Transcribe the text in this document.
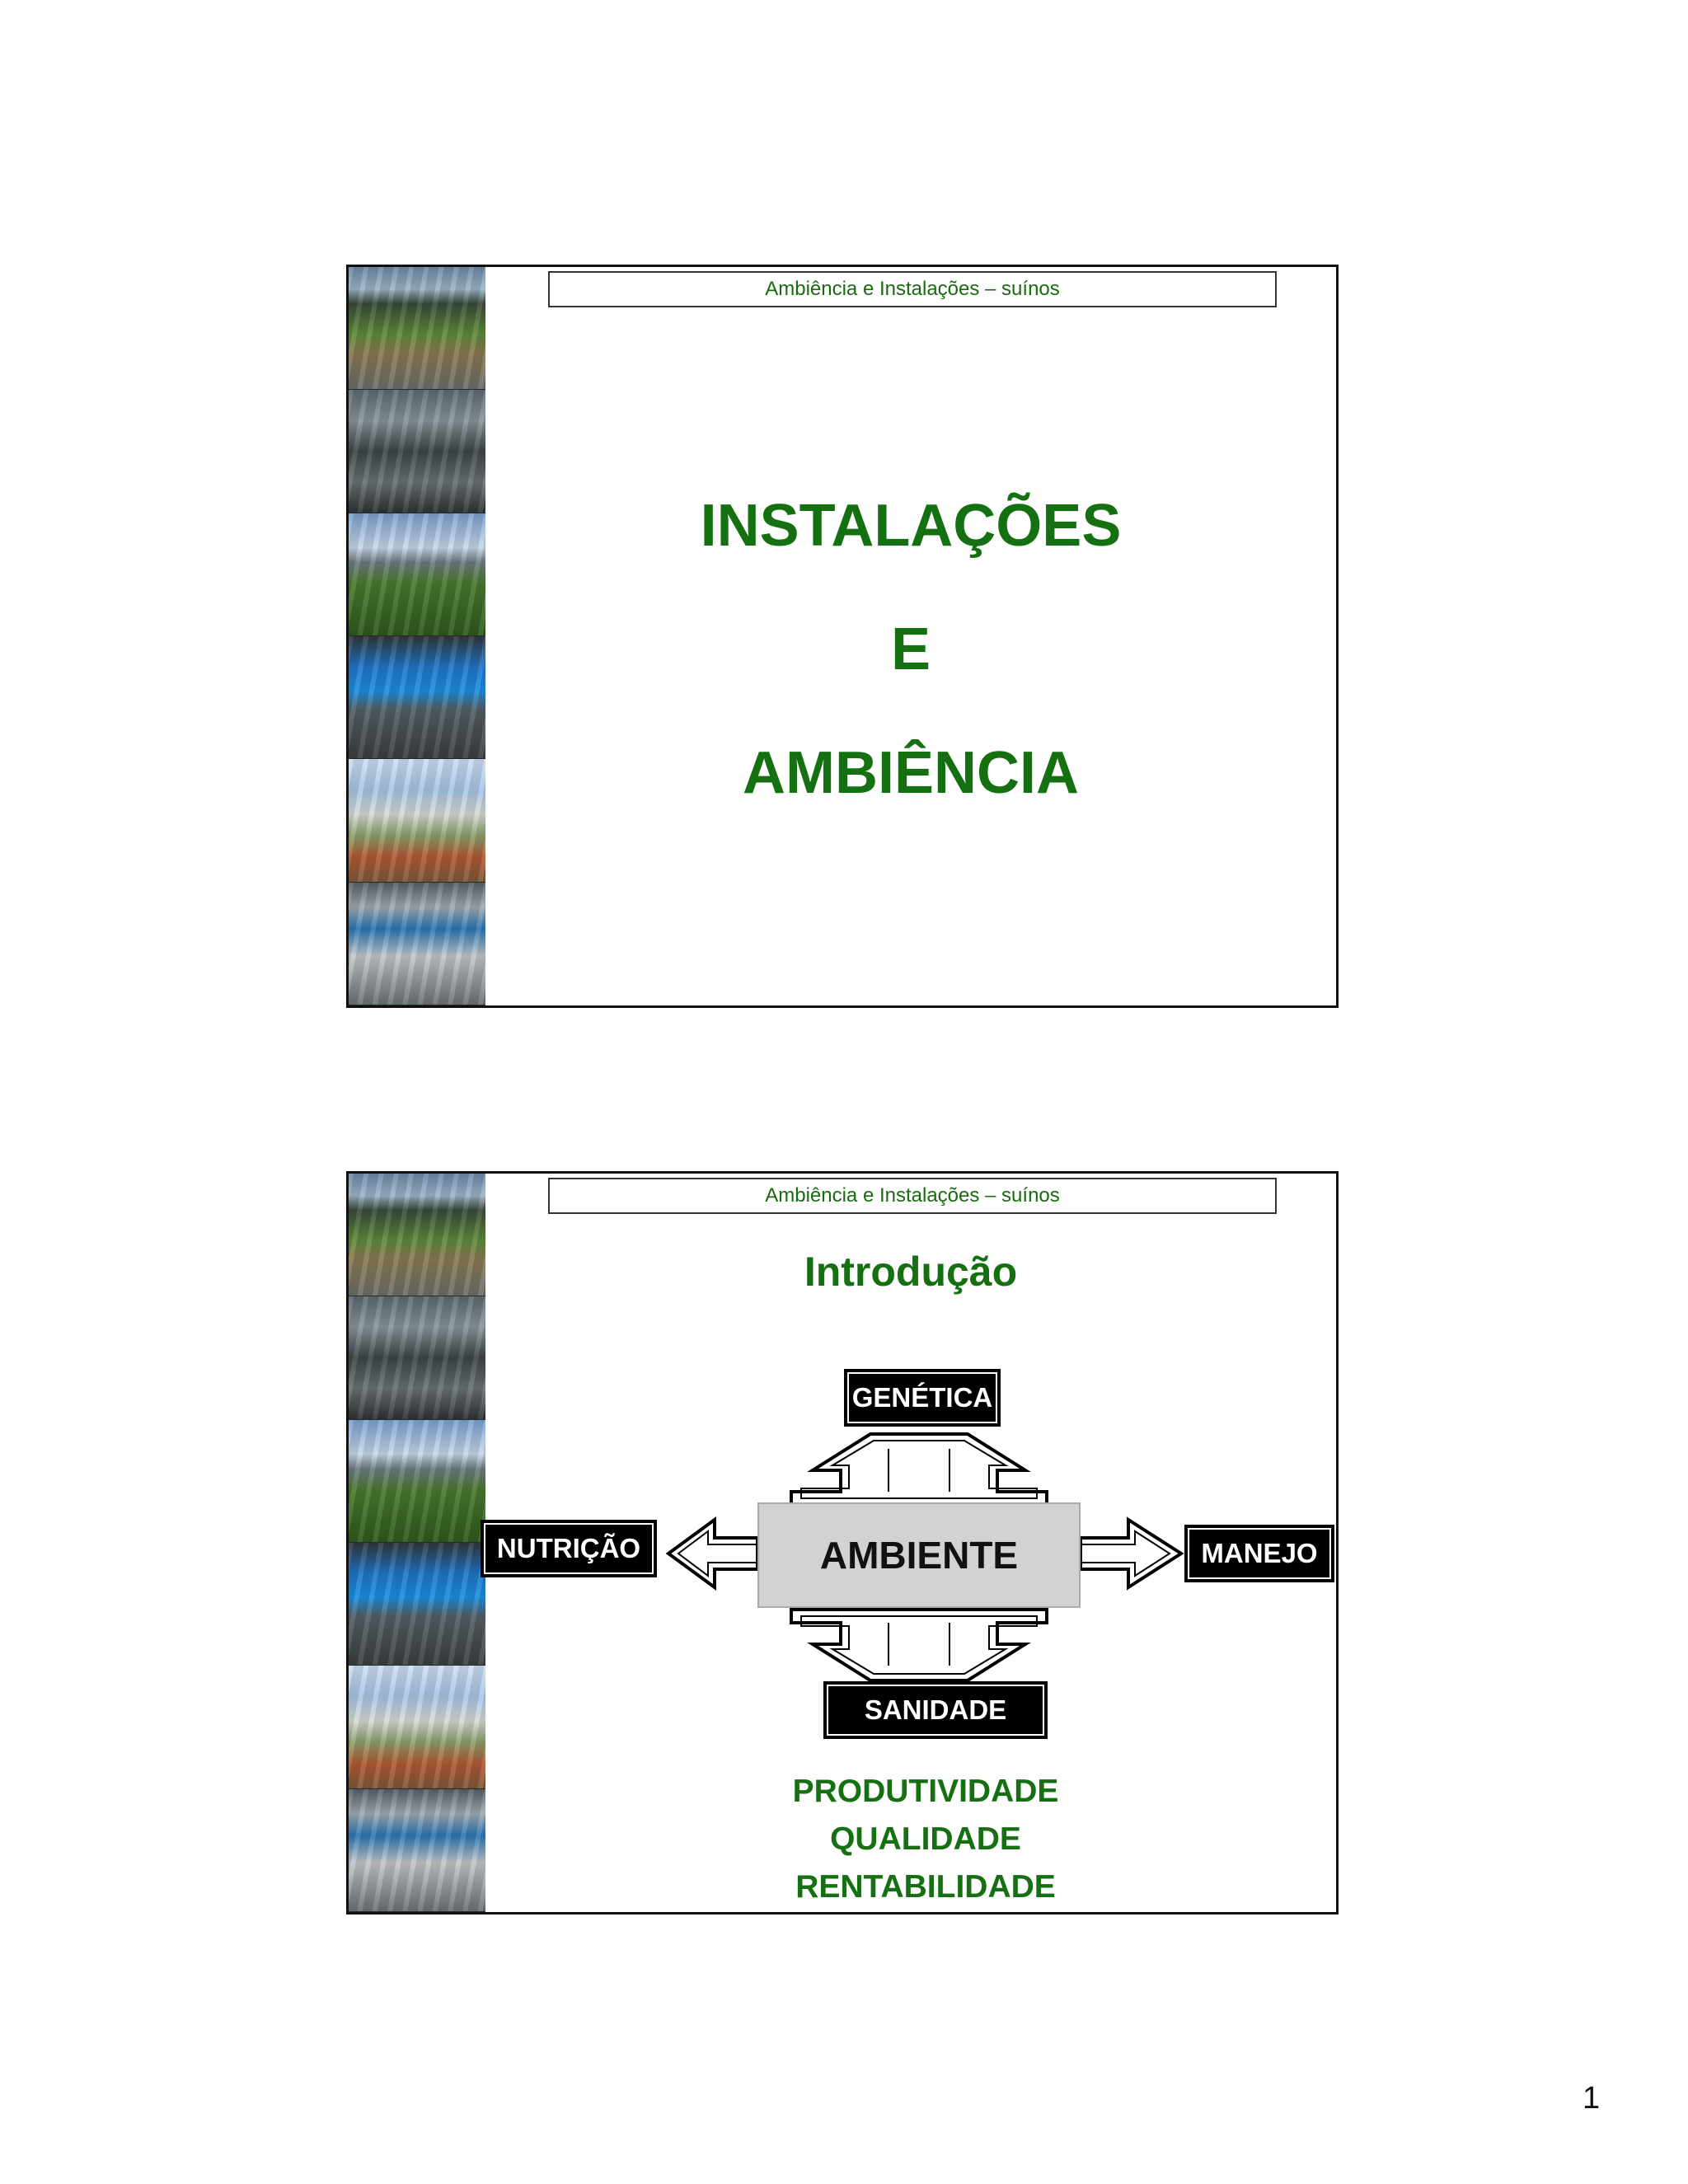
Ambiência e Instalações – suínos
INSTALAÇÕES
E
AMBIÊNCIA
Ambiência e Instalações – suínos
Introdução
AMBIENTE
GENÉTICA
NUTRIÇÃO	MANEJO
SANIDADE
PRODUTIVIDADE
QUALIDADE
RENTABILIDADE
1
